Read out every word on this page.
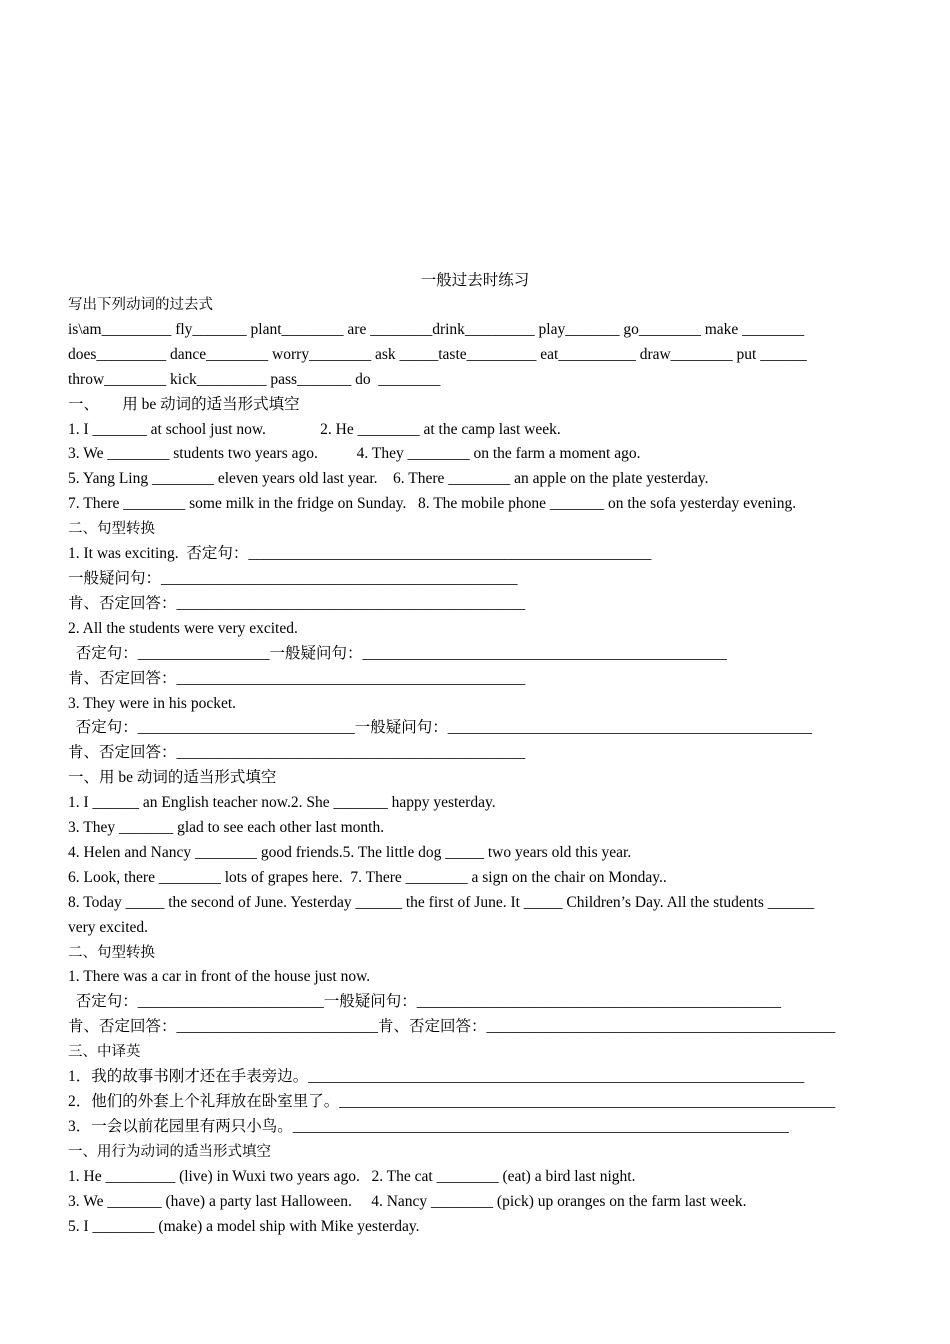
一般过去时练习
写出下列动词的过去式
is\am_________ fly_______ plant________ are ________drink_________ play_______ go________ make ________
does_________ dance________ worry________ ask _____taste_________ eat__________ draw________ put ______
throw________ kick_________ pass_______ do  ________
一、      用 be 动词的适当形式填空
1. I _______ at school just now.              2. He ________ at the camp last week.
3. We ________ students two years ago.          4. They ________ on the farm a moment ago.
5. Yang Ling ________ eleven years old last year.    6. There ________ an apple on the plate yesterday.
7. There ________ some milk in the fridge on Sunday.   8. The mobile phone _______ on the sofa yesterday evening.
二、句型转换
1. It was exciting.  否定句：____________________________________________________
一般疑问句：______________________________________________
肯、否定回答：_____________________________________________
2. All the students were very excited.
否定句：_________________一般疑问句：_______________________________________________
肯、否定回答：_____________________________________________
3. They were in his pocket.
否定句：____________________________一般疑问句：_______________________________________________
肯、否定回答：_____________________________________________
一、用 be 动词的适当形式填空
1. I ______ an English teacher now.2. She _______ happy yesterday.
3. They _______ glad to see each other last month.
4. Helen and Nancy ________ good friends.5. The little dog _____ two years old this year.
6. Look, there ________ lots of grapes here.  7. There ________ a sign on the chair on Monday..
8. Today _____ the second of June. Yesterday ______ the first of June. It _____ Children’s Day. All the students ______
very excited.
二、句型转换
1. There was a car in front of the house just now.
否定句：________________________一般疑问句：_______________________________________________
肯、否定回答：__________________________肯、否定回答：_____________________________________________
三、中译英
1．我的故事书刚才还在手表旁边。________________________________________________________________
2．他们的外套上个礼拜放在卧室里了。________________________________________________________________
3．一会以前花园里有两只小鸟。________________________________________________________________
一、用行为动词的适当形式填空
1. He _________ (live) in Wuxi two years ago.   2. The cat ________ (eat) a bird last night.
3. We _______ (have) a party last Halloween.     4. Nancy ________ (pick) up oranges on the farm last week.
5. I ________ (make) a model ship with Mike yesterday.
